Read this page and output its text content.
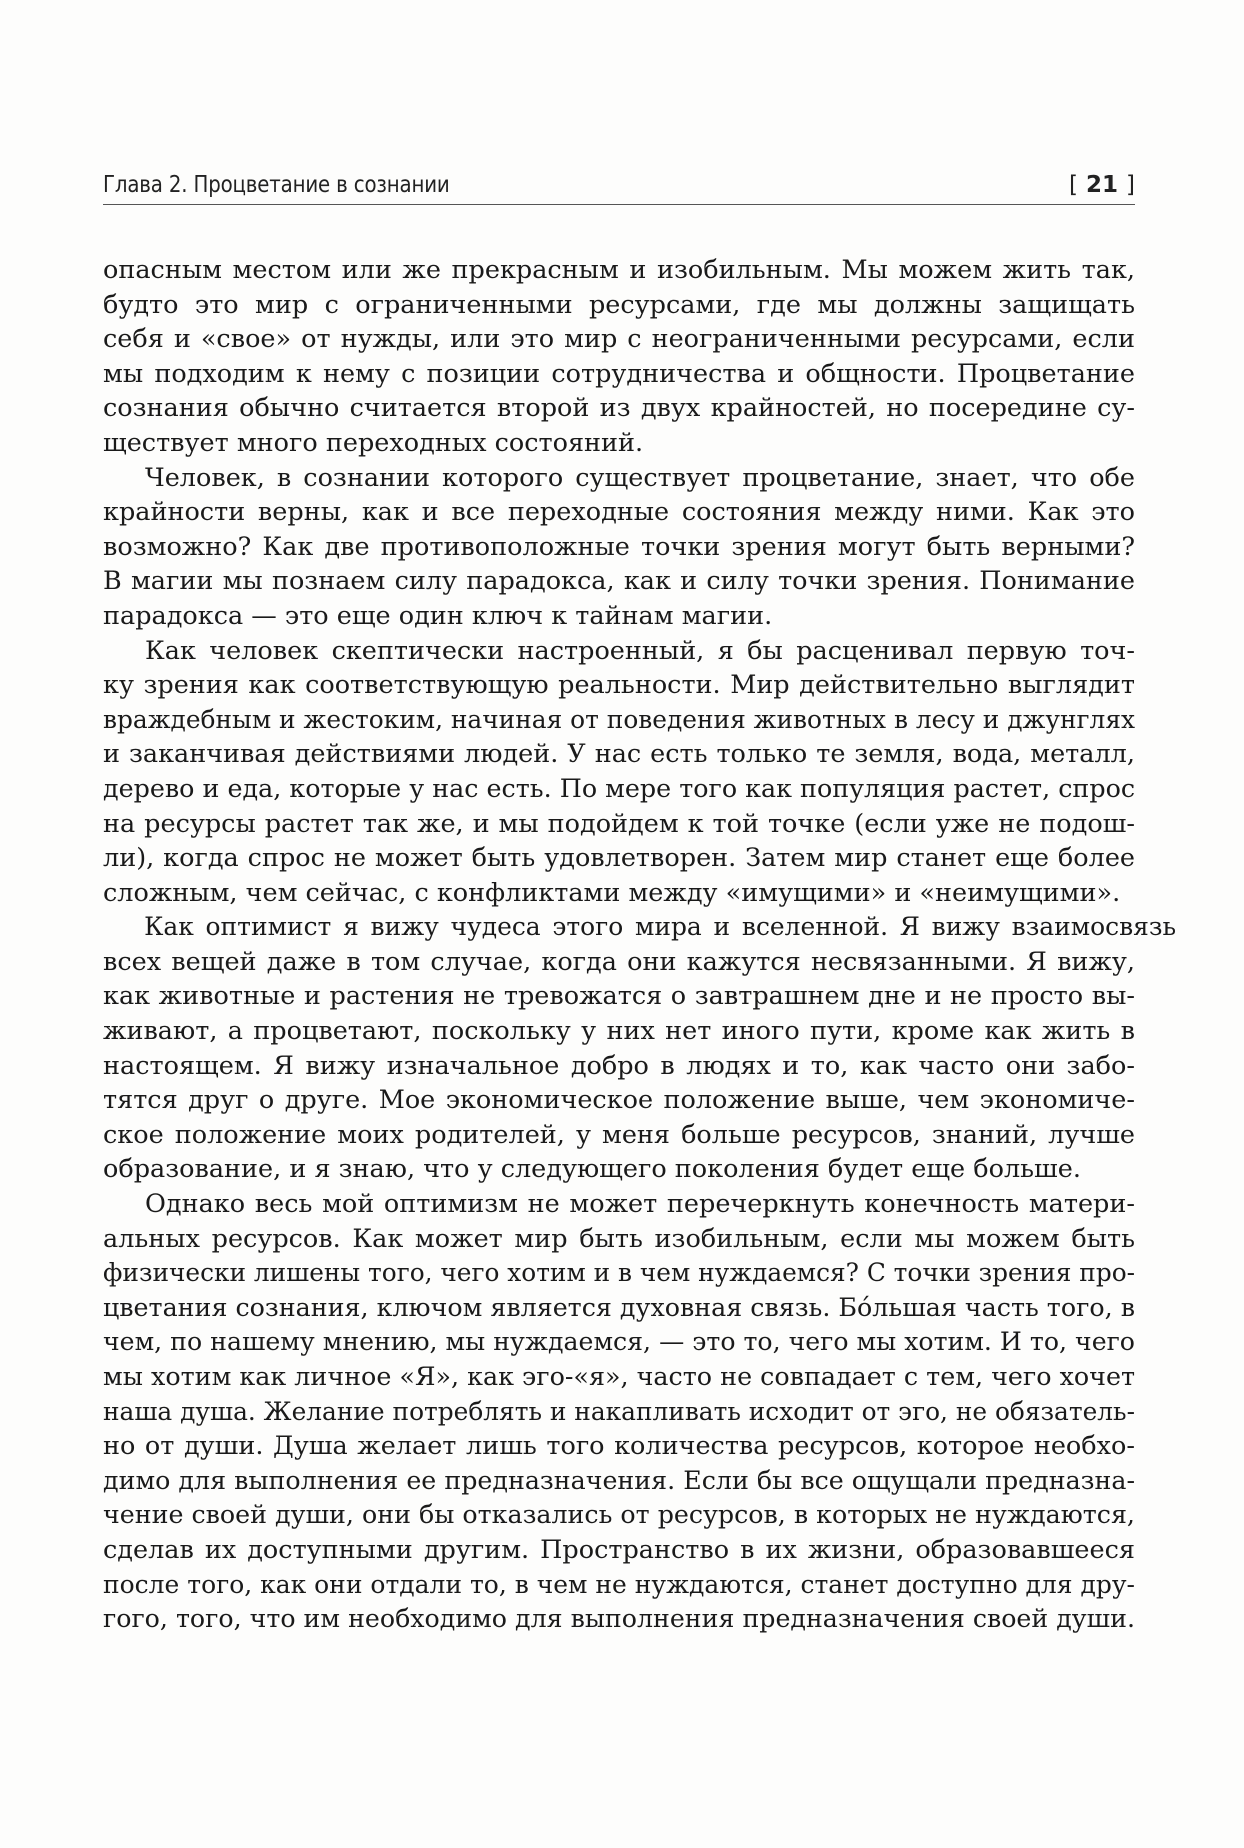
Глава 2. Процветание в сознании	[ 21 ]
опасным местом или же прекрасным и изобильным. Мы можем жить так,
будто это мир с ограниченными ресурсами, где мы должны защищать
себя и «свое» от нужды, или это мир с неограниченными ресурсами, если
мы подходим к нему с позиции сотрудничества и общности. Процветание
сознания обычно считается второй из двух крайностей, но посередине су-
ществует много переходных состояний.
Человек, в сознании которого существует процветание, знает, что обе
крайности верны, как и все переходные состояния между ними. Как это
возможно? Как две противоположные точки зрения могут быть верными?
В магии мы познаем силу парадокса, как и силу точки зрения. Понимание
парадокса — это еще один ключ к тайнам магии.
Как человек скептически настроенный, я бы расценивал первую точ-
ку зрения как соответствующую реальности. Мир действительно выглядит
враждебным и жестоким, начиная от поведения животных в лесу и джунглях
и заканчивая действиями людей. У нас есть только те земля, вода, металл,
дерево и еда, которые у нас есть. По мере того как популяция растет, спрос
на ресурсы растет так же, и мы подойдем к той точке (если уже не подош-
ли), когда спрос не может быть удовлетворен. Затем мир станет еще более
сложным, чем сейчас, с конфликтами между «имущими» и «неимущими».
Как оптимист я вижу чудеса этого мира и вселенной. Я вижу взаимосвязь
всех вещей даже в том случае, когда они кажутся несвязанными. Я вижу,
как животные и растения не тревожатся о завтрашнем дне и не просто вы-
живают, а процветают, поскольку у них нет иного пути, кроме как жить в
настоящем. Я вижу изначальное добро в людях и то, как часто они забо-
тятся друг о друге. Мое экономическое положение выше, чем экономиче-
ское положение моих родителей, у меня больше ресурсов, знаний, лучше
образование, и я знаю, что у следующего поколения будет еще больше.
Однако весь мой оптимизм не может перечеркнуть конечность матери-
альных ресурсов. Как может мир быть изобильным, если мы можем быть
физически лишены того, чего хотим и в чем нуждаемся? С точки зрения про-
цветания сознания, ключом является духовная связь. Бо́льшая часть того, в
чем, по нашему мнению, мы нуждаемся, — это то, чего мы хотим. И то, чего
мы хотим как личное «Я», как эго-«я», часто не совпадает с тем, чего хочет
наша душа. Желание потреблять и накапливать исходит от эго, не обязатель-
но от души. Душа желает лишь того количества ресурсов, которое необхо-
димо для выполнения ее предназначения. Если бы все ощущали предназна-
чение своей души, они бы отказались от ресурсов, в которых не нуждаются,
сделав их доступными другим. Пространство в их жизни, образовавшееся
после того, как они отдали то, в чем не нуждаются, станет доступно для дру-
гого, того, что им необходимо для выполнения предназначения своей души.
